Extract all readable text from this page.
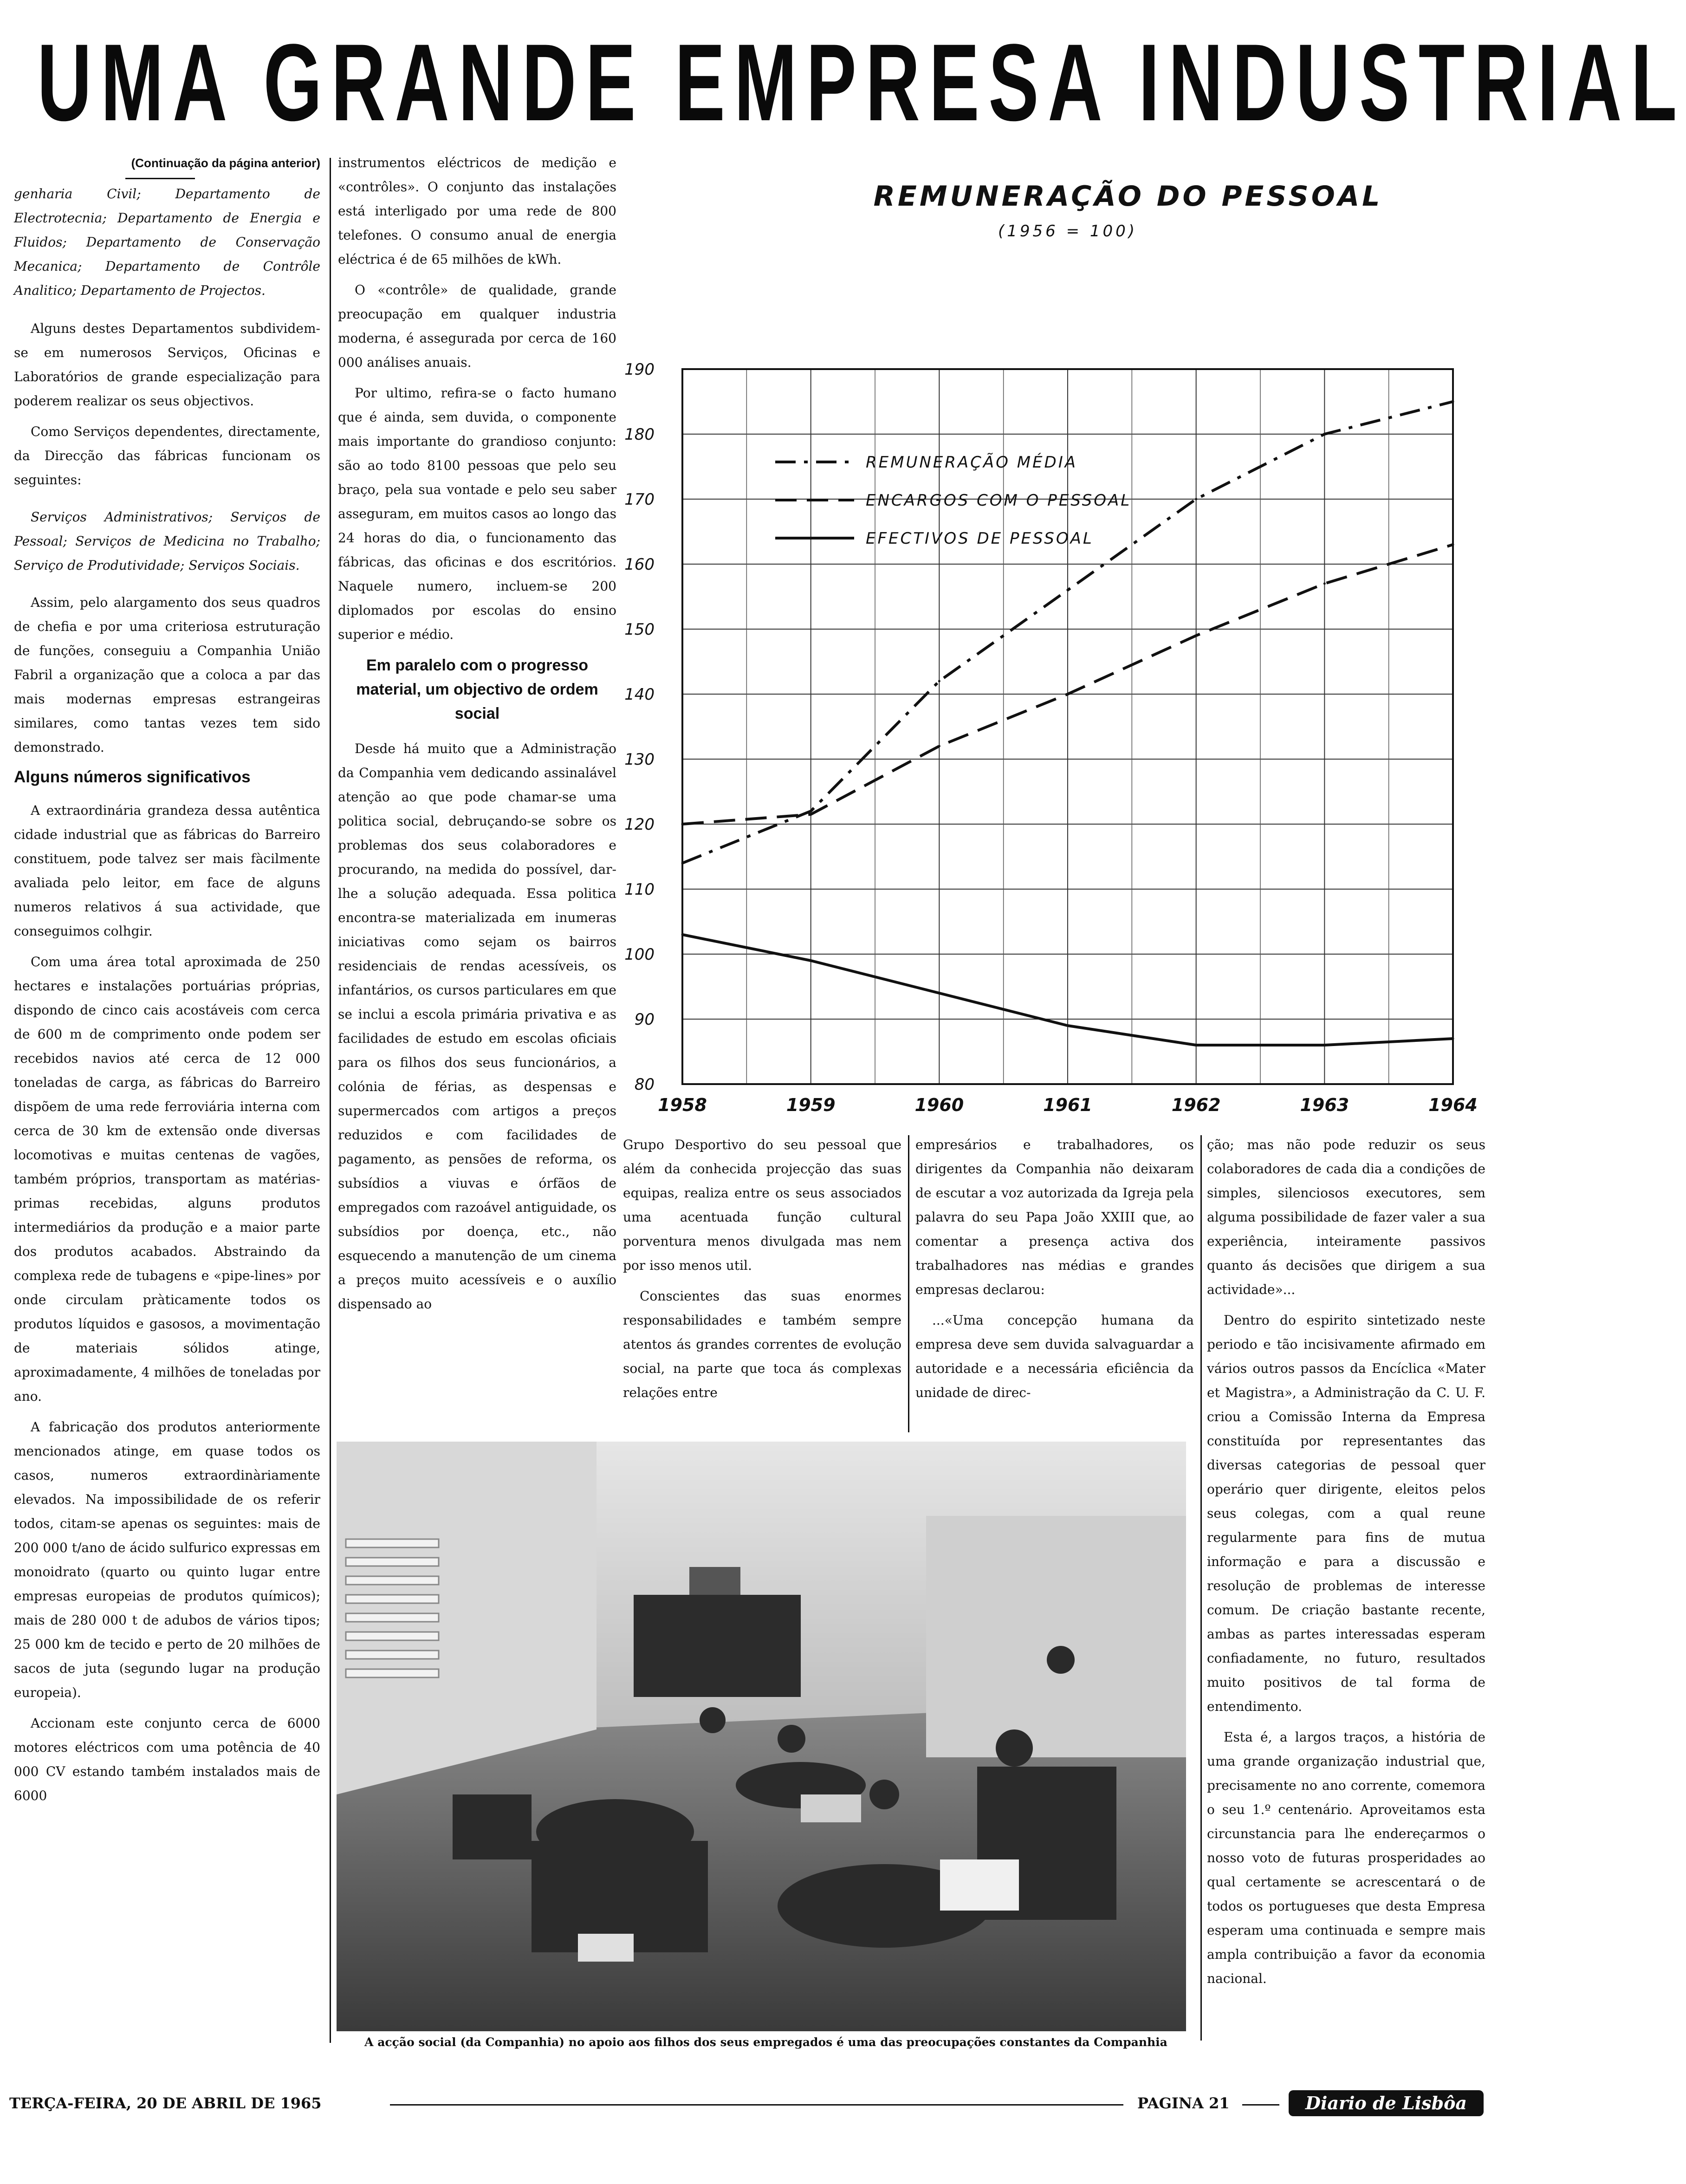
UMA GRANDE EMPRESA INDUSTRIAL
(Continuação da página anterior)

genharia Civil; Departamento de Electrotecnia; Departamento de Energia e Fluidos; Departamento de Conservação Mecanica; Departamento de Contrôle Analitico; Departamento de Projectos.

Alguns destes Departamentos subdividem-se em numerosos Serviços, Oficinas e Laboratórios de grande especialização para poderem realizar os seus objectivos.

Como Serviços dependentes, directamente, da Direcção das fábricas funcionam os seguintes:

Serviços Administrativos; Serviços de Pessoal; Serviços de Medicina no Trabalho; Serviço de Produtividade; Serviços Sociais.

Assim, pelo alargamento dos seus quadros de chefia e por uma criteriosa estruturação de funções, conseguiu a Companhia União Fabril a organização que a coloca a par das mais modernas empresas estrangeiras similares, como tantas vezes tem sido demonstrado.

Alguns números significativos

A extraordinária grandeza dessa autêntica cidade industrial que as fábricas do Barreiro constituem, pode talvez ser mais fàcilmente avaliada pelo leitor, em face de alguns numeros relativos á sua actividade, que conseguimos colhgir.

Com uma área total aproximada de 250 hectares e instalações portuárias próprias, dispondo de cinco cais acostáveis com cerca de 600 m de comprimento onde podem ser recebidos navios até cerca de 12 000 toneladas de carga, as fábricas do Barreiro dispõem de uma rede ferroviária interna com cerca de 30 km de extensão onde diversas locomotivas e muitas centenas de vagões, também próprios, transportam as matérias-primas recebidas, alguns produtos intermediários da produção e a maior parte dos produtos acabados. Abstraindo da complexa rede de tubagens e «pipe-lines» por onde circulam pràticamente todos os produtos líquidos e gasosos, a movimentação de materiais sólidos atinge, aproximadamente, 4 milhões de toneladas por ano.

A fabricação dos produtos anteriormente mencionados atinge, em quase todos os casos, numeros extraordinàriamente elevados. Na impossibilidade de os referir todos, citam-se apenas os seguintes: mais de 200 000 t/ano de ácido sulfurico expressas em monoidrato (quarto ou quinto lugar entre empresas europeias de produtos químicos); mais de 280 000 t de adubos de vários tipos; 25 000 km de tecido e perto de 20 milhões de sacos de juta (segundo lugar na produção europeia).

Accionam este conjunto cerca de 6000 motores eléctricos com uma potência de 40 000 CV estando também instalados mais de 6000

instrumentos eléctricos de medição e «contrôles». O conjunto das instalações está interligado por uma rede de 800 telefones. O consumo anual de energia eléctrica é de 65 milhões de kWh.

O «contrôle» de qualidade, grande preocupação em qualquer industria moderna, é assegurada por cerca de 160 000 análises anuais.

Por ultimo, refira-se o facto humano que é ainda, sem duvida, o componente mais importante do grandioso conjunto: são ao todo 8100 pessoas que pelo seu braço, pela sua vontade e pelo seu saber asseguram, em muitos casos ao longo das 24 horas do dia, o funcionamento das fábricas, das oficinas e dos escritórios. Naquele numero, incluem-se 200 diplomados por escolas do ensino superior e médio.

Em paralelo com o progresso material, um objectivo de ordem social

Desde há muito que a Administração da Companhia vem dedicando assinalável atenção ao que pode chamar-se uma politica social, debruçando-se sobre os problemas dos seus colaboradores e procurando, na medida do possível, dar-lhe a solução adequada. Essa politica encontra-se materializada em inumeras iniciativas como sejam os bairros residenciais de rendas acessíveis, os infantários, os cursos particulares em que se inclui a escola primária privativa e as facilidades de estudo em escolas oficiais para os filhos dos seus funcionários, a colónia de férias, as despensas e supermercados com artigos a preços reduzidos e com facilidades de pagamento, as pensões de reforma, os subsídios a viuvas e órfãos de empregados com razoável antiguidade, os subsídios por doença, etc., não esquecendo a manutenção de um cinema a preços muito acessíveis e o auxílio dispensado ao

REMUNERAÇÃO DO PESSOAL
(1956 = 100)
80
90
100
110
120
130
140
150
160
170
180
190
1958	1959	1960	1961	1962	1963	1964
REMUNERAÇÃO MÉDIA
ENCARGOS COM O PESSOAL
EFECTIVOS DE PESSOAL

Grupo Desportivo do seu pessoal que além da conhecida projecção das suas equipas, realiza entre os seus associados uma acentuada função cultural porventura menos divulgada mas nem por isso menos util.

Conscientes das suas enormes responsabilidades e também sempre atentos ás grandes correntes de evolução social, na parte que toca ás complexas relações entre

empresários e trabalhadores, os dirigentes da Companhia não deixaram de escutar a voz autorizada da Igreja pela palavra do seu Papa João XXIII que, ao comentar a presença activa dos trabalhadores nas médias e grandes empresas declarou:

...«Uma concepção humana da empresa deve sem duvida salvaguardar a autoridade e a necessária eficiência da unidade de direc-

ção; mas não pode reduzir os seus colaboradores de cada dia a condições de simples, silenciosos executores, sem alguma possibilidade de fazer valer a sua experiência, inteiramente passivos quanto ás decisões que dirigem a sua actividade»...

Dentro do espirito sintetizado neste periodo e tão incisivamente afirmado em vários outros passos da Encíclica «Mater et Magistra», a Administração da C. U. F. criou a Comissão Interna da Empresa constituída por representantes das diversas categorias de pessoal quer operário quer dirigente, eleitos pelos seus colegas, com a qual reune regularmente para fins de mutua informação e para a discussão e resolução de problemas de interesse comum. De criação bastante recente, ambas as partes interessadas esperam confiadamente, no futuro, resultados muito positivos de tal forma de entendimento.

Esta é, a largos traços, a história de uma grande organização industrial que, precisamente no ano corrente, comemora o seu 1.º centenário. Aproveitamos esta circunstancia para lhe endereçarmos o nosso voto de futuras prosperidades ao qual certamente se acrescentará o de todos os portugueses que desta Empresa esperam uma continuada e sempre mais ampla contribuição a favor da economia nacional.

A acção social (da Companhia) no apoio aos filhos dos seus empregados é uma das preocupações constantes da Companhia
TERÇA-FEIRA, 20 DE ABRIL DE 1965	PAGINA 21	Diario de Lisbôa
